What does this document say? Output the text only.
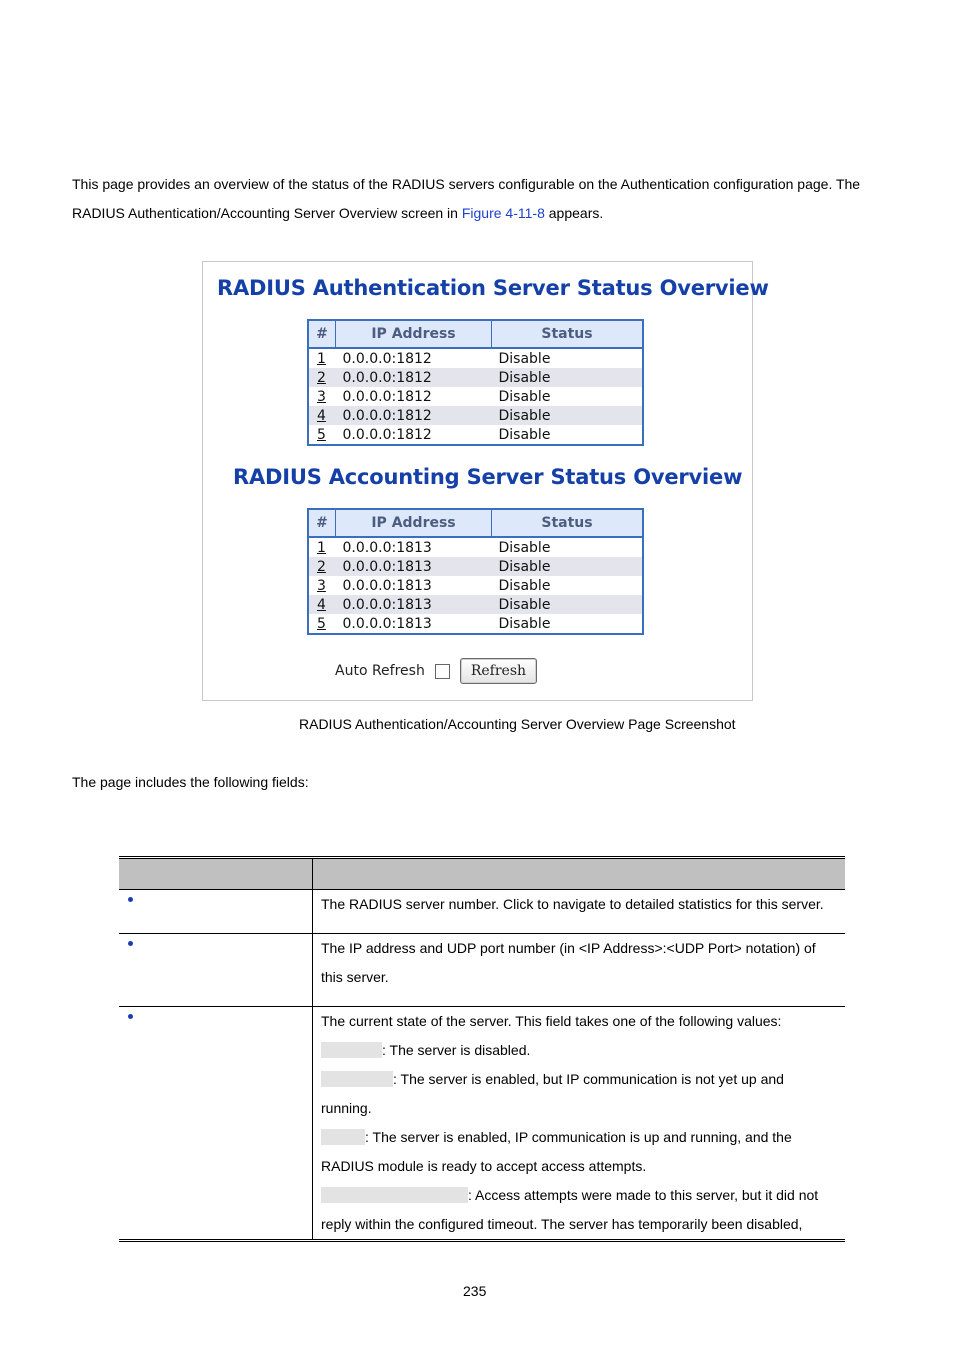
This page provides an overview of the status of the RADIUS servers configurable on the Authentication configuration page. The
RADIUS Authentication/Accounting Server Overview screen in Figure 4-11-8 appears.
RADIUS Authentication Server Status Overview
#	IP Address	Status
1	0.0.0.0:1812	Disable
2	0.0.0.0:1812	Disable
3	0.0.0.0:1812	Disable
4	0.0.0.0:1812	Disable
5	0.0.0.0:1812	Disable
RADIUS Accounting Server Status Overview
#	IP Address	Status
1	0.0.0.0:1813	Disable
2	0.0.0.0:1813	Disable
3	0.0.0.0:1813	Disable
4	0.0.0.0:1813	Disable
5	0.0.0.0:1813	Disable
Auto Refresh	Refresh
RADIUS Authentication/Accounting Server Overview Page Screenshot
The page includes the following fields:

	The RADIUS server number. Click to navigate to detailed statistics for this server.

	The IP address and UDP port number (in <IP Address>:<UDP Port> notation) of this server.

	The current state of the server. This field takes one of the following values:
: The server is disabled.
: The server is enabled, but IP communication is not yet up and running.
: The server is enabled, IP communication is up and running, and the RADIUS module is ready to accept access attempts.
: Access attempts were made to this server, but it did not reply within the configured timeout. The server has temporarily been disabled,
235
